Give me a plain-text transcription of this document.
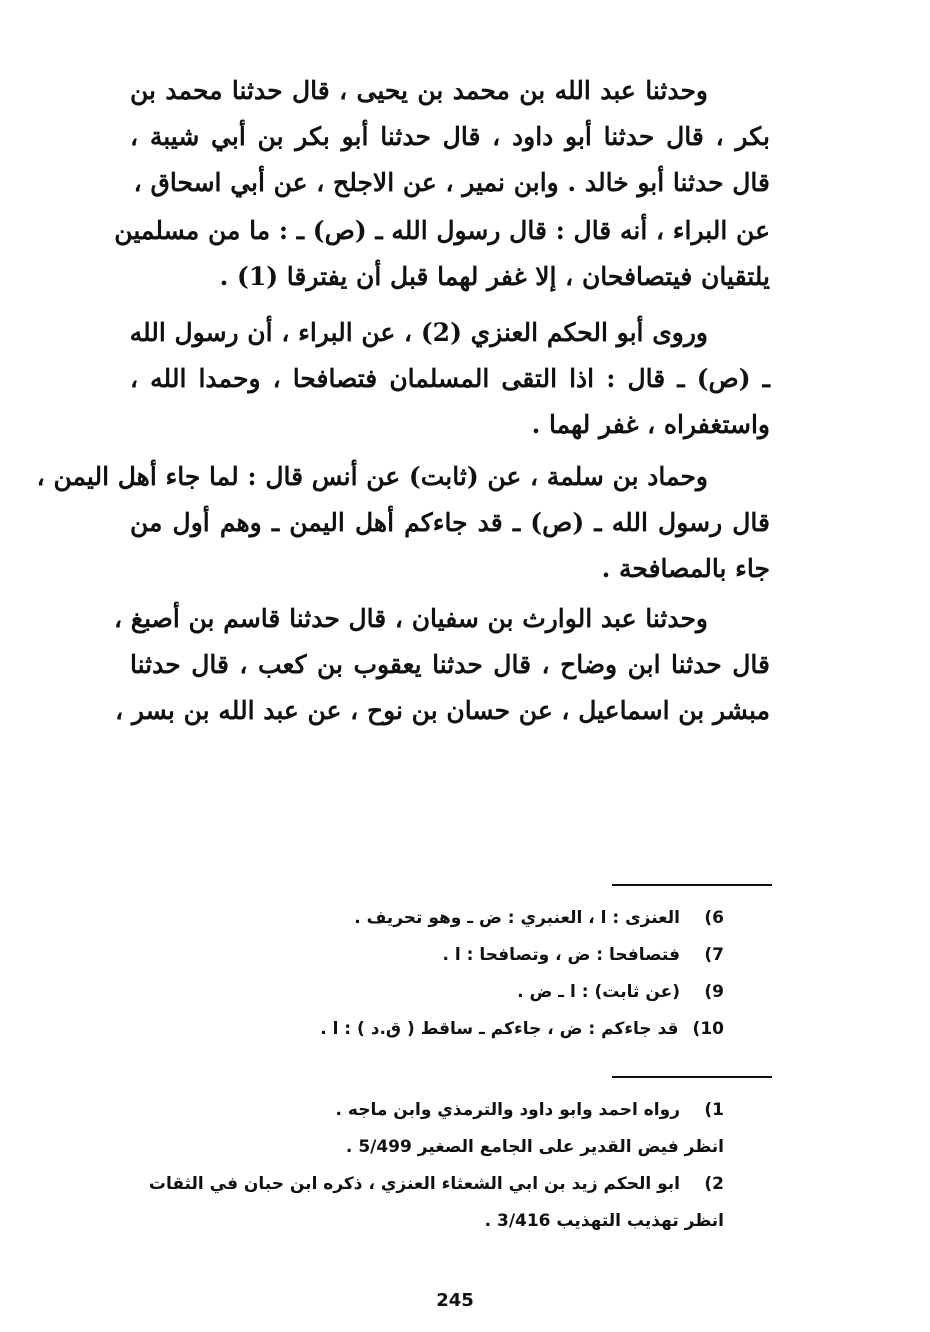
وحدثنا عبد الله بن محمد بن يحيى ، قال حدثنا محمد بن
بكر ، قال حدثنا أبو داود ، قال حدثنا أبو بكر بن أبي شيبة ،
قال حدثنا أبو خالد . وابن نمير ، عن الاجلح ، عن أبي اسحاق ،

عن البراء ، أنه قال : قال رسول الله ـ (ص) ـ : ما من مسلمين
يلتقيان فيتصافحان ، إلا غفر لهما قبل أن يفترقا (1) .

وروى أبو الحكم العنزي (2) ، عن البراء ، أن رسول الله
ـ (ص) ـ قال : اذا التقى المسلمان فتصافحا ، وحمدا الله ،
واستغفراه ، غفر لهما .

وحماد بن سلمة ، عن (ثابت) عن أنس قال : لما جاء أهل اليمن ،
قال رسول الله ـ (ص) ـ قد جاءكم أهل اليمن ـ وهم أول من
جاء بالمصافحة .

وحدثنا عبد الوارث بن سفيان ، قال حدثنا قاسم بن أصبغ ،
قال حدثنا ابن وضاح ، قال حدثنا يعقوب بن كعب ، قال حدثنا
مبشر بن اسماعيل ، عن حسان بن نوح ، عن عبد الله بن بسر ،

6)العنزى : ا ، العنبري : ض ـ وهو تحريف .
7)فتصافحا : ض ، وتصافحا : ا .
9)(عن ثابت) : ا ـ ض .
10)قد جاءكم : ض ، جاءكم ـ ساقط ( ق.د ) : ا .
1)رواه احمد وابو داود والترمذي وابن ماجه .
انظر فيض القدير على الجامع الصغير 5/499 .
2)ابو الحكم زيد بن ابي الشعثاء العنزي ، ذكره ابن حبان في الثقات
انظر تهذيب التهذيب 3/416 .
245
